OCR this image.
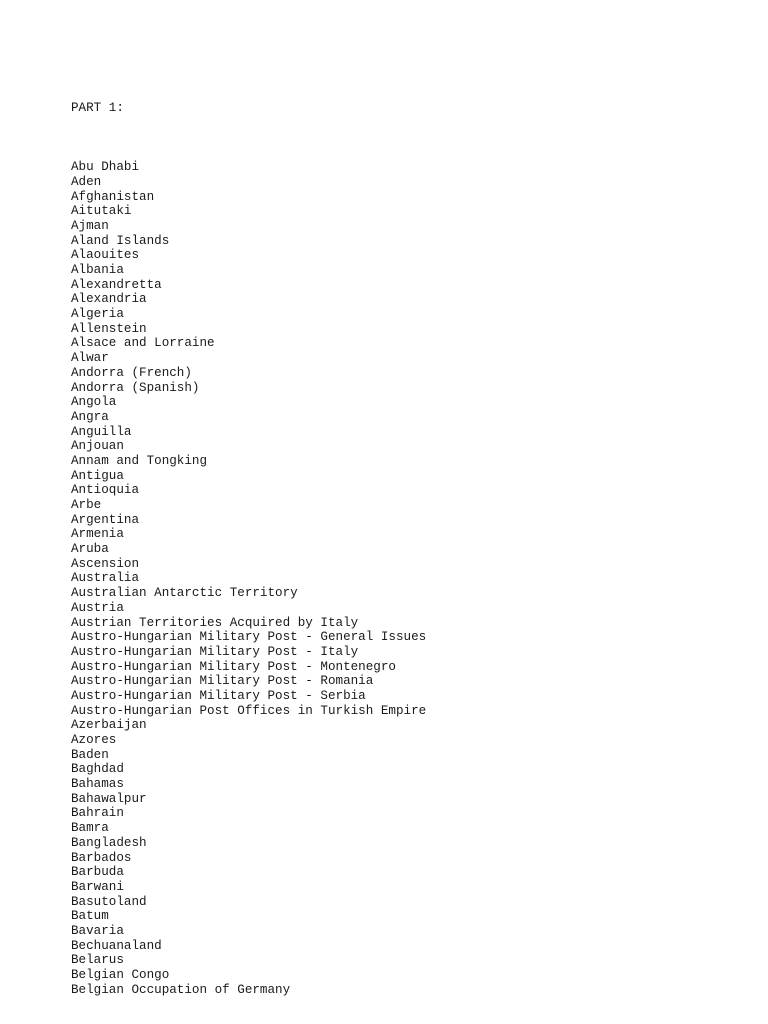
PART 1:

Abu Dhabi
Aden
Afghanistan
Aitutaki
Ajman
Aland Islands
Alaouites
Albania
Alexandretta
Alexandria
Algeria
Allenstein
Alsace and Lorraine
Alwar
Andorra (French)
Andorra (Spanish)
Angola
Angra
Anguilla
Anjouan
Annam and Tongking
Antigua
Antioquia
Arbe
Argentina
Armenia
Aruba
Ascension
Australia
Australian Antarctic Territory
Austria
Austrian Territories Acquired by Italy
Austro-Hungarian Military Post - General Issues
Austro-Hungarian Military Post - Italy
Austro-Hungarian Military Post - Montenegro
Austro-Hungarian Military Post - Romania
Austro-Hungarian Military Post - Serbia
Austro-Hungarian Post Offices in Turkish Empire
Azerbaijan
Azores
Baden
Baghdad
Bahamas
Bahawalpur
Bahrain
Bamra
Bangladesh
Barbados
Barbuda
Barwani
Basutoland
Batum
Bavaria
Bechuanaland
Belarus
Belgian Congo
Belgian Occupation of Germany
